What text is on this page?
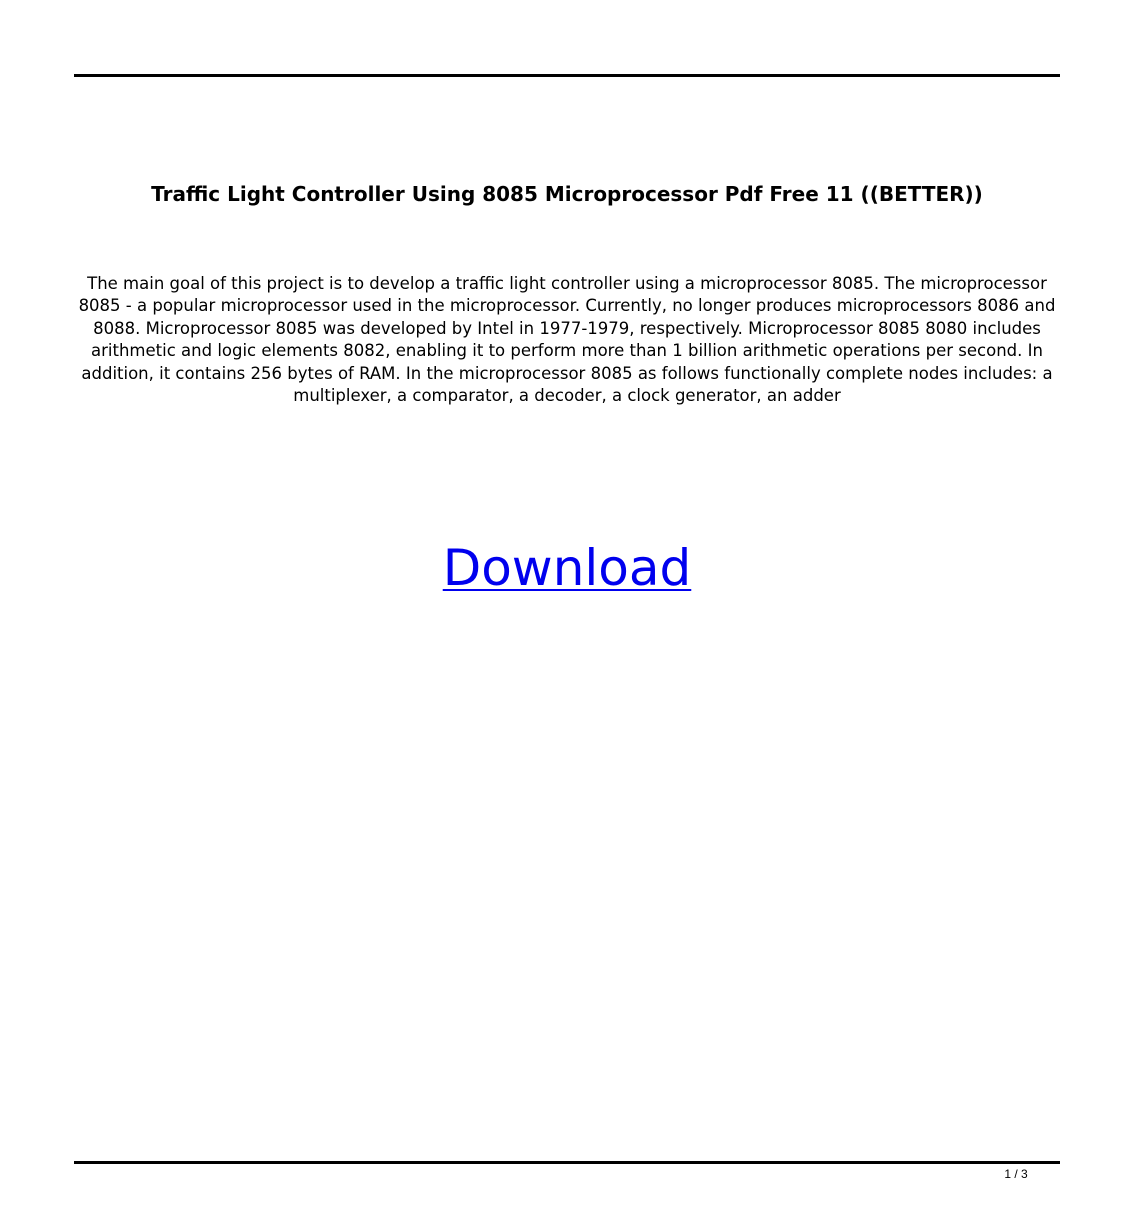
Traffic Light Controller Using 8085 Microprocessor Pdf Free 11 ((BETTER))

The main goal of this project is to develop a traffic light controller using a microprocessor 8085. The microprocessor 8085 - a popular microprocessor used in the microprocessor. Currently, no longer produces microprocessors 8086 and 8088. Microprocessor 8085 was developed by Intel in 1977-1979, respectively. Microprocessor 8085 8080 includes arithmetic and logic elements 8082, enabling it to perform more than 1 billion arithmetic operations per second. In addition, it contains 256 bytes of RAM. In the microprocessor 8085 as follows functionally complete nodes includes: a multiplexer, a comparator, a decoder, a clock generator, an adder

Download
1 / 3
